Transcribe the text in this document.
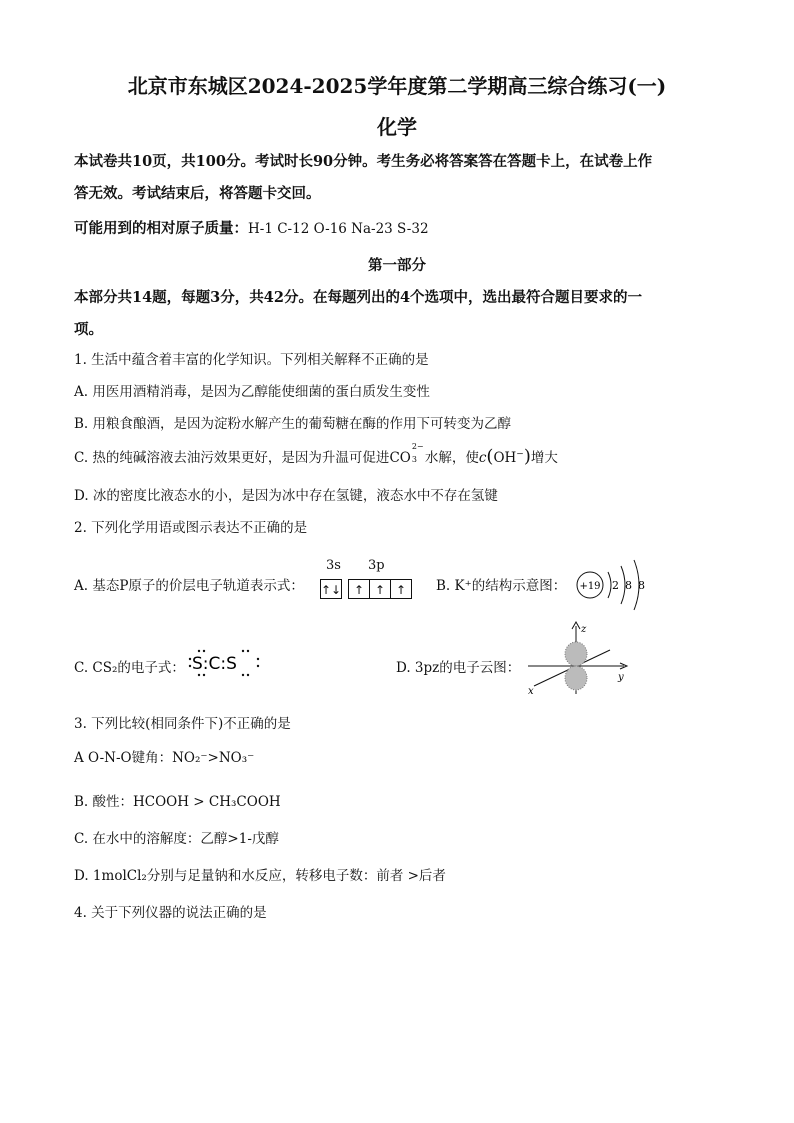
北京市东城区2024-2025学年度第二学期高三综合练习(一)
化学
本试卷共10页，共100分。考试时长90分钟。考生务必将答案答在答题卡上，在试卷上作
答无效。考试结束后，将答题卡交回。
可能用到的相对原子质量：H-1 C-12 O-16 Na-23 S-32
第一部分
本部分共14题，每题3分，共42分。在每题列出的4个选项中，选出最符合题目要求的一
项。
1. 生活中蕴含着丰富的化学知识。下列相关解释不正确的是
A. 用医用酒精消毒，是因为乙醇能使细菌的蛋白质发生变性
B. 用粮食酿酒，是因为淀粉水解产生的葡萄糖在酶的作用下可转变为乙醇
C. 热的纯碱溶液去油污效果更好，是因为升温可促进CO
2−
3 水解，使c(OH−)增大
D. 冰的密度比液态水的小，是因为冰中存在氢键，液态水中不存在氢键
2. 下列化学用语或图示表达不正确的是
A. 基态P原子的价层电子轨道表示式：
3s 3p
↑↓	↑ ↑ ↑	B. K⁺的结构示意图： +19 2 8 8
C. CS₂的电子式： S:C:S	D. 3pz的电子云图：
z
y
x
3. 下列比较(相同条件下)不正确的是
A O-N-O键角：NO₂⁻>NO₃⁻
B. 酸性：HCOOH > CH₃COOH
C. 在水中的溶解度：乙醇>1-戊醇
D. 1molCl₂分别与足量钠和水反应，转移电子数：前者 >后者
4. 关于下列仪器的说法正确的是
